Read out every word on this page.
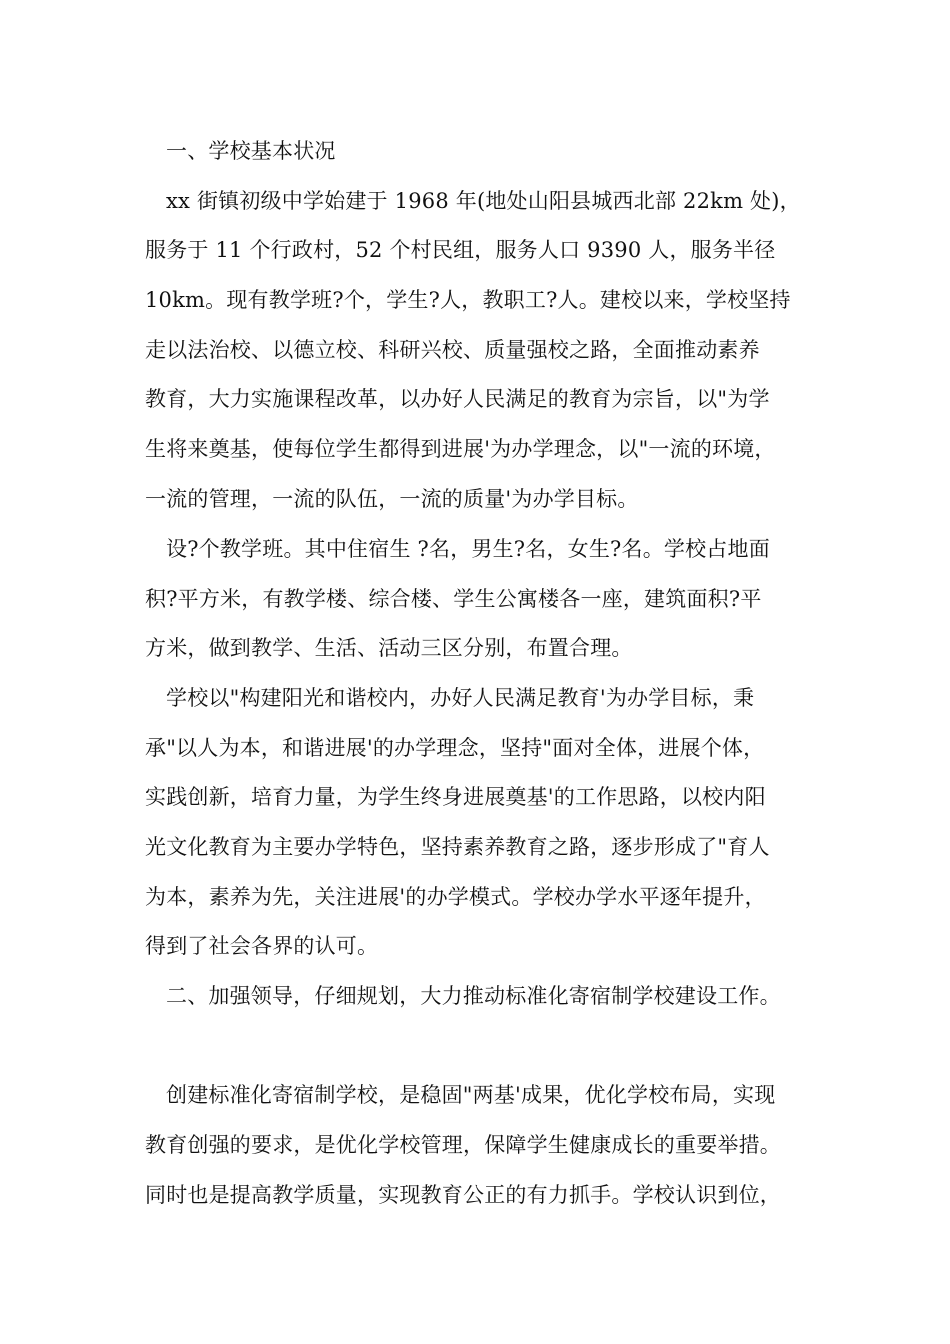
一、学校基本状况
xx 街镇初级中学始建于 1968 年(地处山阳县城西北部 22km 处)，
服务于 11 个行政村，52 个村民组，服务人口 9390 人，服务半径
10km。现有教学班?个，学生?人，教职工?人。建校以来，学校坚持
走以法治校、以德立校、科研兴校、质量强校之路，全面推动素养
教育，大力实施课程改革，以办好人民满足的教育为宗旨，以"为学
生将来奠基，使每位学生都得到进展'为办学理念，以"一流的环境，
一流的管理，一流的队伍，一流的质量'为办学目标。
设?个教学班。其中住宿生 ?名，男生?名，女生?名。学校占地面
积?平方米，有教学楼、综合楼、学生公寓楼各一座，建筑面积?平
方米，做到教学、生活、活动三区分别，布置合理。
学校以"构建阳光和谐校内，办好人民满足教育'为办学目标，秉
承"以人为本，和谐进展'的办学理念，坚持"面对全体，进展个体，
实践创新，培育力量，为学生终身进展奠基'的工作思路，以校内阳
光文化教育为主要办学特色，坚持素养教育之路，逐步形成了"育人
为本，素养为先，关注进展'的办学模式。学校办学水平逐年提升，
得到了社会各界的认可。
二、加强领导，仔细规划，大力推动标准化寄宿制学校建设工作。
创建标准化寄宿制学校，是稳固"两基'成果，优化学校布局，实现
教育创强的要求，是优化学校管理，保障学生健康成长的重要举措。
同时也是提高教学质量，实现教育公正的有力抓手。学校认识到位，
